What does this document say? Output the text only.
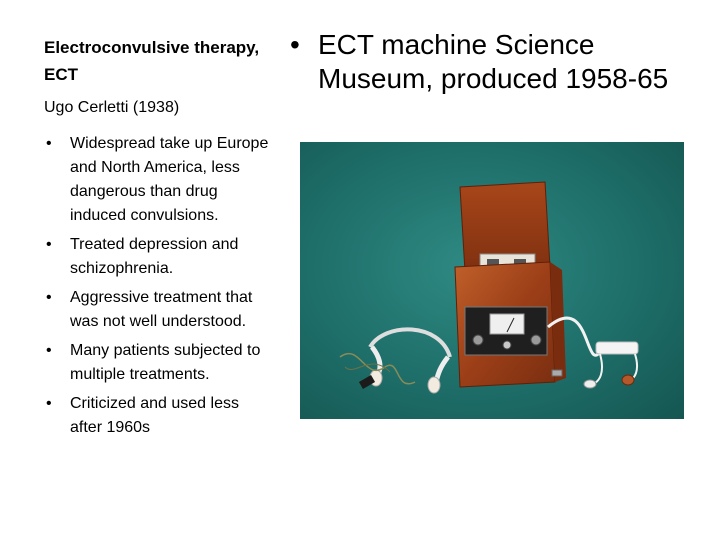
Electroconvulsive therapy, ECT
Ugo Cerletti (1938)
• Widespread take up Europe and North America, less dangerous than drug induced convulsions.
• Treated depression and schizophrenia.
• Aggressive treatment that was not well understood.
• Many patients subjected to multiple treatments.
• Criticized and used less after 1960s
• ECT machine Science Museum, produced 1958-65
